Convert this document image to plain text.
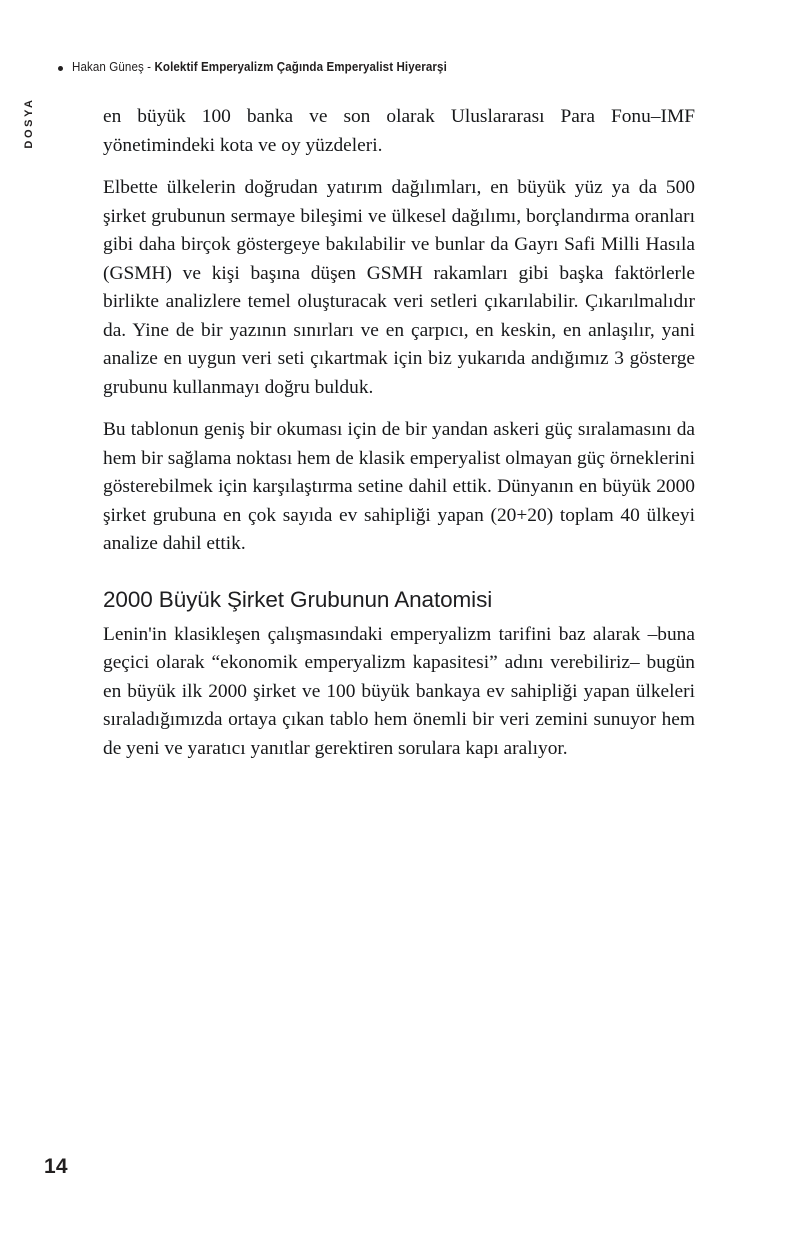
Hakan Güneş - Kolektif Emperyalizm Çağında Emperyalist Hiyerarşi
DOSYA	en büyük 100 banka ve son olarak Uluslararası Para Fonu–IMF yönetimindeki kota ve oy yüzdeleri.

Elbette ülkelerin doğrudan yatırım dağılımları, en büyük yüz ya da 500 şirket grubunun sermaye bileşimi ve ülkesel dağılımı, borçlandırma oranları gibi daha birçok göstergeye bakılabilir ve bunlar da Gayrı Safi Milli Hasıla (GSMH) ve kişi başına düşen GSMH rakamları gibi başka faktörlerle birlikte analizlere temel oluşturacak veri setleri çıkarılabilir. Çıkarılmalıdır da. Yine de bir yazının sınırları ve en çarpıcı, en keskin, en anlaşılır, yani analize en uygun veri seti çıkartmak için biz yukarıda andığımız 3 gösterge grubunu kullanmayı doğru bulduk.

Bu tablonun geniş bir okuması için de bir yandan askeri güç sıralamasını da hem bir sağlama noktası hem de klasik emperyalist olmayan güç örneklerini gösterebilmek için karşılaştırma setine dahil ettik. Dünyanın en büyük 2000 şirket grubuna en çok sayıda ev sahipliği yapan (20+20) toplam 40 ülkeyi analize dahil ettik.

2000 Büyük Şirket Grubunun Anatomisi

Lenin'in klasikleşen çalışmasındaki emperyalizm tarifini baz alarak –buna geçici olarak “ekonomik emperyalizm kapasitesi” adını verebiliriz– bugün en büyük ilk 2000 şirket ve 100 büyük bankaya ev sahipliği yapan ülkeleri sıraladığımızda ortaya çıkan tablo hem önemli bir veri zemini sunuyor hem de yeni ve yaratıcı yanıtlar gerektiren sorulara kapı aralıyor.

14
